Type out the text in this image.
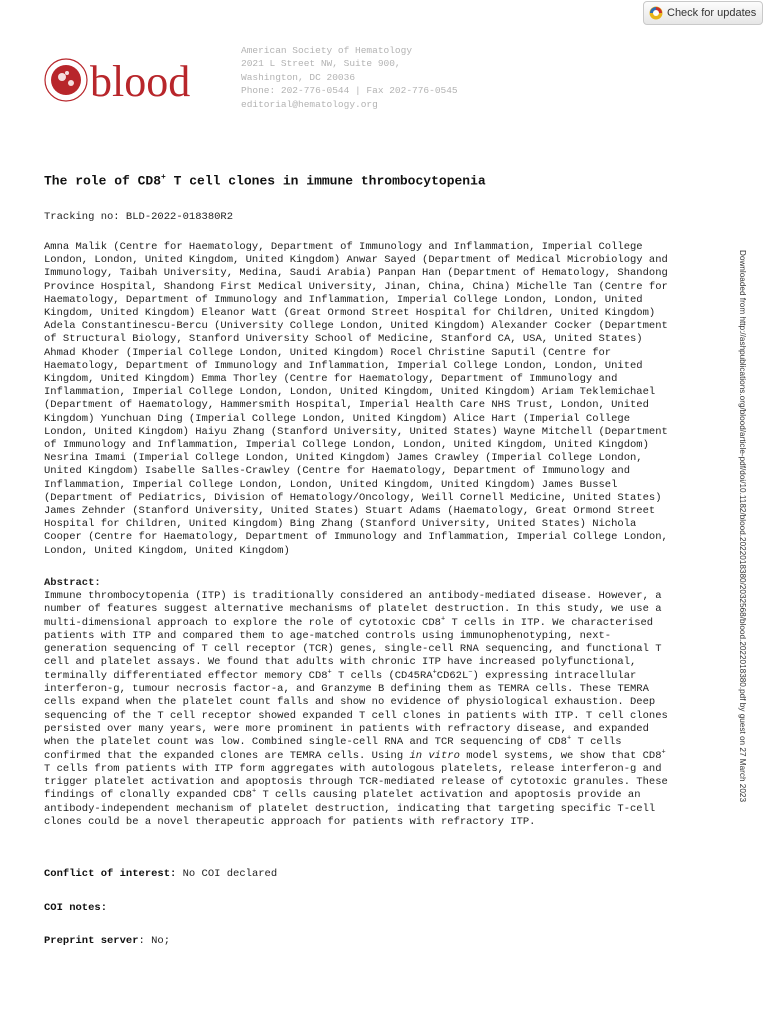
Check for updates
blood
American Society of Hematology
2021 L Street NW, Suite 900,
Washington, DC 20036
Phone: 202-776-0544 | Fax 202-776-0545
editorial@hematology.org
The role of CD8+ T cell clones in immune thrombocytopenia
Tracking no: BLD-2022-018380R2
Amna Malik (Centre for Haematology, Department of Immunology and Inflammation, Imperial College
London, London, United Kingdom, United Kingdom) Anwar Sayed (Department of Medical Microbiology and
Immunology, Taibah University, Medina, Saudi Arabia) Panpan Han (Department of Hematology, Shandong
Province Hospital, Shandong First Medical University, Jinan, China, China) Michelle Tan (Centre for
Haematology, Department of Immunology and Inflammation, Imperial College London, London, United
Kingdom, United Kingdom) Eleanor Watt (Great Ormond Street Hospital for Children, United Kingdom)
Adela Constantinescu-Bercu (University College London, United Kingdom) Alexander Cocker (Department
of Structural Biology, Stanford University School of Medicine, Stanford CA, USA, United States)
Ahmad Khoder (Imperial College London, United Kingdom) Rocel Christine Saputil (Centre for
Haematology, Department of Immunology and Inflammation, Imperial College London, London, United
Kingdom, United Kingdom) Emma Thorley (Centre for Haematology, Department of Immunology and
Inflammation, Imperial College London, London, United Kingdom, United Kingdom) Ariam Teklemichael
(Department of Haematology, Hammersmith Hospital, Imperial Health Care NHS Trust, London, United
Kingdom) Yunchuan Ding (Imperial College London, United Kingdom) Alice Hart (Imperial College
London, United Kingdom) Haiyu Zhang (Stanford University, United States) Wayne Mitchell (Department
of Immunology and Inflammation, Imperial College London, London, United Kingdom, United Kingdom)
Nesrina Imami (Imperial College London, United Kingdom) James Crawley (Imperial College London,
United Kingdom) Isabelle Salles-Crawley (Centre for Haematology, Department of Immunology and
Inflammation, Imperial College London, London, United Kingdom, United Kingdom) James Bussel
(Department of Pediatrics, Division of Hematology/Oncology, Weill Cornell Medicine, United States)
James Zehnder (Stanford University, United States) Stuart Adams (Haematology, Great Ormond Street
Hospital for Children, United Kingdom) Bing Zhang (Stanford University, United States) Nichola
Cooper (Centre for Haematology, Department of Immunology and Inflammation, Imperial College London,
London, United Kingdom, United Kingdom)
Abstract:
Immune thrombocytopenia (ITP) is traditionally considered an antibody-mediated disease. However, a
number of features suggest alternative mechanisms of platelet destruction. In this study, we use a
multi-dimensional approach to explore the role of cytotoxic CD8+ T cells in ITP. We characterised
patients with ITP and compared them to age-matched controls using immunophenotyping, next-
generation sequencing of T cell receptor (TCR) genes, single-cell RNA sequencing, and functional T
cell and platelet assays. We found that adults with chronic ITP have increased polyfunctional,
terminally differentiated effector memory CD8+ T cells (CD45RA+CD62L−) expressing intracellular
interferon-g, tumour necrosis factor-a, and Granzyme B defining them as TEMRA cells. These TEMRA
cells expand when the platelet count falls and show no evidence of physiological exhaustion. Deep
sequencing of the T cell receptor showed expanded T cell clones in patients with ITP. T cell clones
persisted over many years, were more prominent in patients with refractory disease, and expanded
when the platelet count was low. Combined single-cell RNA and TCR sequencing of CD8+ T cells
confirmed that the expanded clones are TEMRA cells. Using in vitro model systems, we show that CD8+
T cells from patients with ITP form aggregates with autologous platelets, release interferon-g and
trigger platelet activation and apoptosis through TCR-mediated release of cytotoxic granules. These
findings of clonally expanded CD8+ T cells causing platelet activation and apoptosis provide an
antibody-independent mechanism of platelet destruction, indicating that targeting specific T-cell
clones could be a novel therapeutic approach for patients with refractory ITP.
Conflict of interest: No COI declared
COI notes:
Preprint server: No;
Downloaded from http://ashpublications.org/blood/article-pdf/doi/10.1182/blood.2022018380/2032568/blood.2022018380.pdf by guest on 27 March 2023
